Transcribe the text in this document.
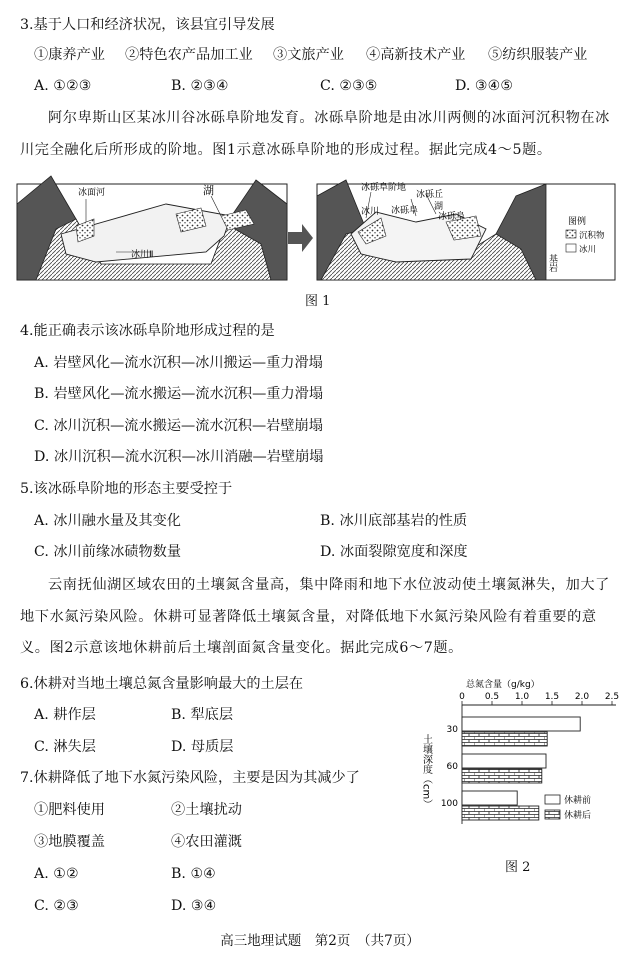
3.基于人口和经济状况，该县宜引导发展
①康养产业 ②特色农产品加工业 ③文旅产业 ④高新技术产业 ⑤纺织服装产业
A. ①②③	B. ②③④	C. ②③⑤	D. ③④⑤
阿尔卑斯山区某冰川谷冰砾阜阶地发育。冰砾阜阶地是由冰川两侧的冰面河沉积物在冰川完全融化后所形成的阶地。图1示意冰砾阜阶地的形成过程。据此完成4～5题。
冰面河	湖
冰川Ⅱ
冰砾阜阶地
冰砾阜
冰砾丘
冰砾阜
湖
冰川
基岩
图例
沉积物
冰川
图 1
4.能正确表示该冰砾阜阶地形成过程的是
A. 岩壁风化—流水沉积—冰川搬运—重力滑塌
B. 岩壁风化—流水搬运—流水沉积—重力滑塌
C. 冰川沉积—流水搬运—流水沉积—岩壁崩塌
D. 冰川沉积—流水沉积—冰川消融—岩壁崩塌
5.该冰砾阜阶地的形态主要受控于
A. 冰川融水量及其变化	B. 冰川底部基岩的性质
C. 冰川前缘冰碛物数量	D. 冰面裂隙宽度和深度
云南抚仙湖区域农田的土壤氮含量高，集中降雨和地下水位波动使土壤氮淋失，加大了地下水氮污染风险。休耕可显著降低土壤氮含量，对降低地下水氮污染风险有着重要的意义。图2示意该地休耕前后土壤剖面氮含量变化。据此完成6～7题。
6.休耕对当地土壤总氮含量影响最大的土层在
A. 耕作层	B. 犁底层
C. 淋失层	D. 母质层
7.休耕降低了地下水氮污染风险，主要是因为其减少了
①肥料使用	②土壤扰动
③地膜覆盖	④农田灌溉
A. ①②	B. ①④
C. ②③	D. ③④
总氮含量（g/kg）
0 0.5 1.0 1.5 2.0 2.5
土壤深度（cm）
30
60
100	休耕前
休耕后
图 2
高三地理试题　第2页　（共7页）
